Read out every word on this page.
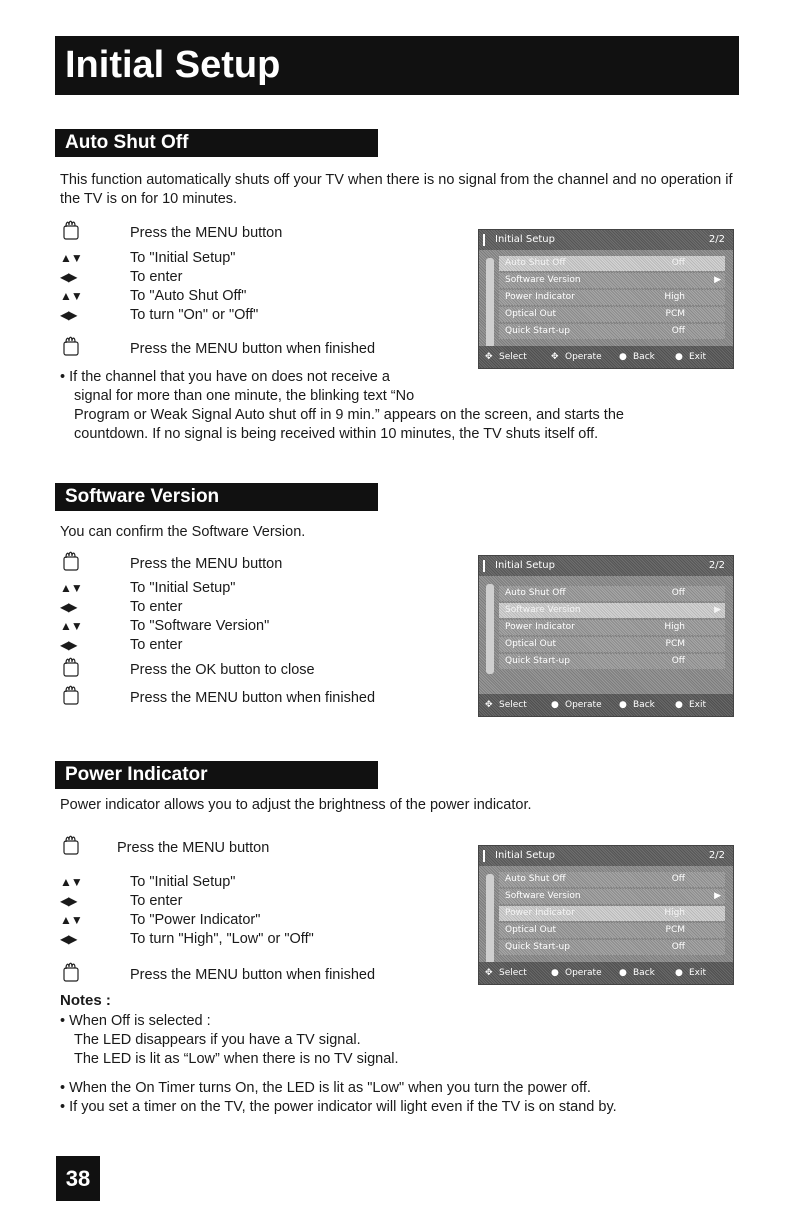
Initial Setup
Auto Shut Off
This function automatically shuts off your TV when there is no signal from the channel and no operation if the TV is on for 10 minutes.
Press the MENU button
▲▼	To "Initial Setup"
◀▶	To enter
▲▼	To "Auto Shut Off"
◀▶	To turn "On" or "Off"
Press the MENU button when finished
• If the channel that you have on does not receive a
signal for more than one minute, the blinking text “No
Program or Weak Signal Auto shut off in 9 min.” appears on the screen, and starts the
countdown. If no signal is being received within 10 minutes, the TV shuts itself off.
Initial Setup	2/2
Auto Shut Off	Off
Software Version	▶
Power Indicator	High
Optical Out	PCM
Quick Start-up	Off
✥ Select	✥ Operate ● Back ● Exit
Software Version
You can confirm the Software Version.
Press the MENU button
▲▼	To "Initial Setup"
◀▶	To enter
▲▼	To "Software Version"
◀▶	To enter
Press the OK button to close
Press the MENU button when finished
Initial Setup	2/2
Auto Shut Off	Off
Software Version	▶
Power Indicator	High
Optical Out	PCM
Quick Start-up	Off
✥ Select	● Operate ● Back ● Exit
Power Indicator
Power indicator allows you to adjust the brightness of the power indicator.
Press the MENU button
▲▼	To "Initial Setup"
◀▶	To enter
▲▼	To "Power Indicator"
◀▶	To turn "High", "Low" or "Off"
Press the MENU button when finished
Initial Setup	2/2
Auto Shut Off	Off
Software Version	▶
Power Indicator	High
Optical Out	PCM
Quick Start-up	Off
✥ Select	● Operate ● Back ● Exit
Notes :
• When Off is selected :
The LED disappears if you have a TV signal.
The LED is lit as “Low” when there is no TV signal.
• When the On Timer turns On, the LED is lit as "Low" when you turn the power off.
• If you set a timer on the TV, the power indicator will light even if the TV is on stand by.
38
